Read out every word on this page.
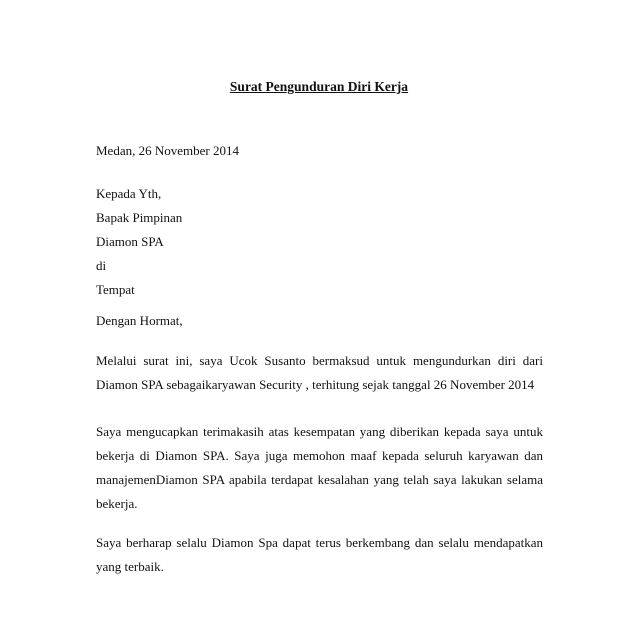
Surat Pengunduran Diri Kerja
Medan, 26 November 2014
Kepada Yth,
Bapak Pimpinan
Diamon SPA
di
Tempat
Dengan Hormat,
Melalui surat ini, saya Ucok Susanto bermaksud untuk mengundurkan diri dari Diamon SPA sebagaikaryawan Security , terhitung sejak tanggal 26 November 2014
Saya mengucapkan terimakasih atas kesempatan yang diberikan kepada saya untuk bekerja di Diamon SPA. Saya juga memohon maaf kepada seluruh karyawan dan manajemenDiamon SPA apabila terdapat kesalahan yang telah saya lakukan selama bekerja.
Saya berharap selalu Diamon Spa dapat terus berkembang dan selalu mendapatkan yang terbaik.
